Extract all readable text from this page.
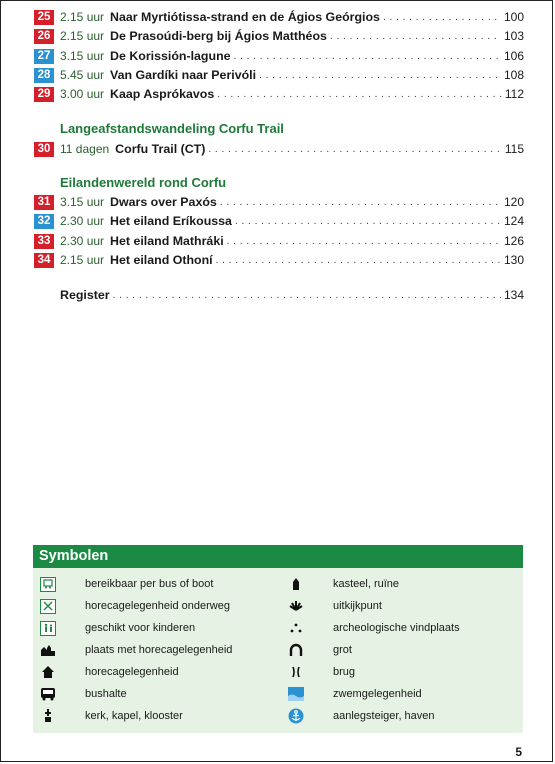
25 2.15 uur Naar Myrtiótissa-strand en de Ágios Geórgios . . .	100
26 2.15 uur De Prasoúdi-berg bij Ágios Matthéos . . .	103
27 3.15 uur De Korissión-lagune . . .	106
28 5.45 uur Van Gardíki naar Perivóli . . .	108
29 3.00 uur Kaap Asprókavos . . .	112
Langeafstandswandeling Corfu Trail
30 11 dagen Corfu Trail (CT) . . .	115
Eilandenwereld rond Corfu
31 3.15 uur Dwars over Paxós . . .	120
32 2.30 uur Het eiland Eríkoussa . . .	124
33 2.30 uur Het eiland Mathráki . . .	126
34 2.15 uur Het eiland Othoní . . .	130
Register . . .	134
Symbolen
bereikbaar per bus of boot
horecagelegenheid onderweg
geschikt voor kinderen
plaats met horecagelegenheid
horecagelegenheid
bushalte
kerk, kapel, klooster
kasteel, ruïne
uitkijkpunt
archeologische vindplaats
grot
brug
zwemgelegenheid
aanlegsteiger, haven
5
